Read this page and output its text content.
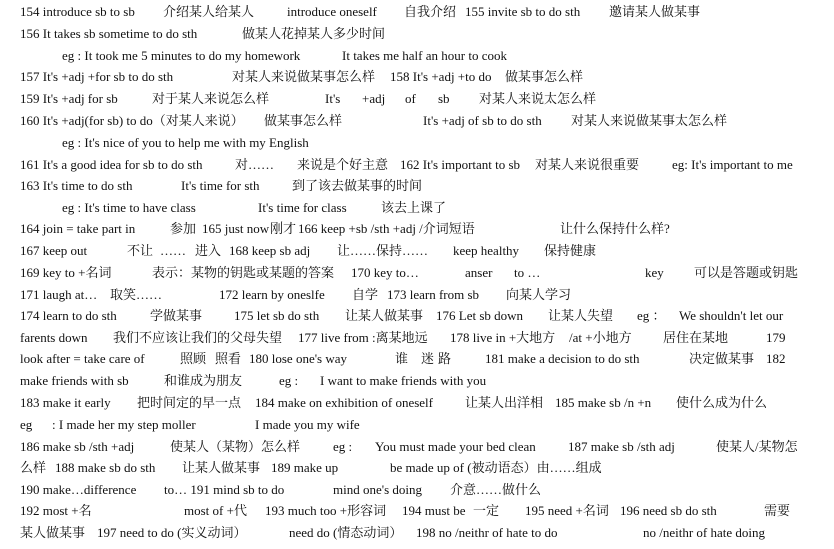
154 introduce sb to sb 介绍某人给某人	introduce oneself 自我介绍 155 invite sb to do sth 邀请某人做某事
156 It takes sb sometime to do sth	做某人花掉某人多少时间
eg : It took me 5 minutes to do my homework	It takes me half an hour to cook
157 It's +adj +for sb to do sth	对某人来说做某事怎么样 158 It's +adj +to do 做某事怎么样
159 It's +adj for sb	对于某人来说怎么样	It's +adj of sb 对某人来说太怎么样
160 It's +adj(for sb) to do（对某人来说） 做某事怎么样	It's +adj of sb to do sth 对某人来说做某事太怎么样
eg : It's nice of you to help me with my English
161 It's a good idea for sb to do sth 对…… 来说是个好主意 162 It's important to sb 对某人来说很重要	eg: It's important to me
163 It's time to do sth	It's time for sth 到了该去做某事的时间
eg : It's time to have class	It's time for class	该去上课了
164 join = take part in	参加 165 just now 刚才 166 keep +sb /sth +adj /介词短语	让什么保持什么样?
167 keep out	不让 …… 进入 168 keep sb adj 让……保持…… keep healthy 保持健康
169 key to +名词	表示：某物的钥匙或某题的答案 170 key to…	anser to …	key 可以是答题或钥匙
171 laugh at… 取笑……	172 learn by oneslfe 自学 173 learn from sb 向某人学习
174 learn to do sth	学做某事 175 let sb do sth 让某人做某事 176 Let sb down 让某人失望 eg ： We shouldn't let our
farents down 我们不应该让我们的父母失望 177 live from :离某地远 178 live in +大地方 /at +小地方 居住在某地	179
look after = take care of	照顾 照看 180 lose one's way	谁 迷 路	181 make a decision to do sth	决定做某事 182
make friends with sb	和谁成为朋友	eg : I want to make friends with you
183 make it early 把时间定的早一点 184 make on exhibition of oneself 让某人出洋相 185 make sb /n +n 使什么成为什么
eg : I made her my step moller	I made you my wife
186 make sb /sth +adj	使某人（某物）怎么样	eg : You must made your bed clean 187 make sb /sth adj	使某人/某物怎
么样 188 make sb do sth 让某人做某事 189 make up	be made up of (被动语态）由……组成
190 make…difference to… 191 mind sb to do	mind one's doing 介意……做什么
192 most +名	most of +代 193 much too +形容词 194 must be 一定 195 need +名词 196 need sb do sth	需要
某人做某事 197 need to do (实义动词）	need do (情态动词） 198 no /neithr of hate to do	no /neithr of hate doing
